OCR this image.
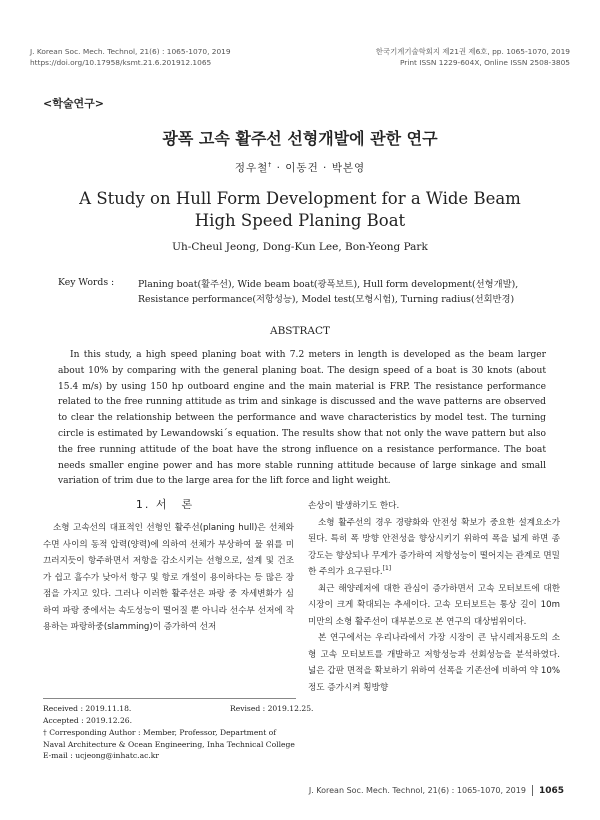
J. Korean Soc. Mech. Technol, 21(6) : 1065-1070, 2019
https://doi.org/10.17958/ksmt.21.6.201912.1065
한국기계기술학회지 제21권 제6호, pp. 1065-1070, 2019
Print ISSN 1229-604X, Online ISSN 2508-3805
<학술연구>
광폭 고속 활주선 선형개발에 관한 연구
정우철† · 이동건 · 박본영
A Study on Hull Form Development for a Wide Beam High Speed Planing Boat
Uh-Cheul Jeong, Dong-Kun Lee, Bon-Yeong Park
Key Words :	Planing boat(활주선), Wide beam boat(광폭보트), Hull form development(선형개발), Resistance performance(저항성능), Model test(모형시험), Turning radius(선회반경)
ABSTRACT
In this study, a high speed planing boat with 7.2 meters in length is developed as the beam larger about 10% by comparing with the general planing boat. The design speed of a boat is 30 knots (about 15.4 m/s) by using 150 hp outboard engine and the main material is FRP. The resistance performance related to the free running attitude as trim and sinkage is discussed and the wave patterns are observed to clear the relationship between the performance and wave characteristics by model test. The turning circle is estimated by Lewandowski´s equation. The results show that not only the wave pattern but also the free running attitude of the boat have the strong influence on a resistance performance. The boat needs smaller engine power and has more stable running attitude because of large sinkage and small variation of trim due to the large area for the lift force and light weight.
1. 서　론
소형 고속선의 대표적인 선형인 활주선(planing hull)은 선체와 수면 사이의 동적 압력(양력)에 의하여 선체가 부상하여 물 위를 미끄러지듯이 항주하면서 저항을 감소시키는 선형으로, 설계 및 건조가 쉽고 흘수가 낮아서 항구 및 항로 개설이 용이하다는 등 많은 장점을 가지고 있다. 그러나 이러한 활주선은 파랑 중 자세변화가 심하여 파랑 중에서는 속도성능이 떨어질 뿐 아니라 선수부 선저에 작용하는 파랑하중(slamming)이 증가하여 선저

손상이 발생하기도 한다.

소형 활주선의 경우 경량화와 안전성 확보가 중요한 설계요소가 된다. 특히 폭 방향 안전성을 향상시키기 위하여 폭을 넓게 하면 종강도는 향상되나 무게가 증가하여 저항성능이 떨어지는 관계로 면밀한 주의가 요구된다.[1]

최근 해양레저에 대한 관심이 증가하면서 고속 모터보트에 대한 시장이 크게 확대되는 추세이다. 고속 모터보트는 통상 길이 10m 미만의 소형 활주선이 대부분으로 본 연구의 대상범위이다.

본 연구에서는 우리나라에서 가장 시장이 큰 낚시레저용도의 소형 고속 모터보트를 개발하고 저항성능과 선회성능을 분석하였다. 넓은 갑판 면적을 확보하기 위하여 선폭을 기존선에 비하여 약 10% 정도 증가시켜 횡방향

Received : 2019.11.18.	Revised : 2019.12.25.
Accepted : 2019.12.26.
† Corresponding Author : Member, Professor, Department of Naval Architecture & Ocean Engineering, Inha Technical College
E-mail : ucjeong@inhatc.ac.kr
J. Korean Soc. Mech. Technol, 21(6) : 1065-1070, 2019 1065
